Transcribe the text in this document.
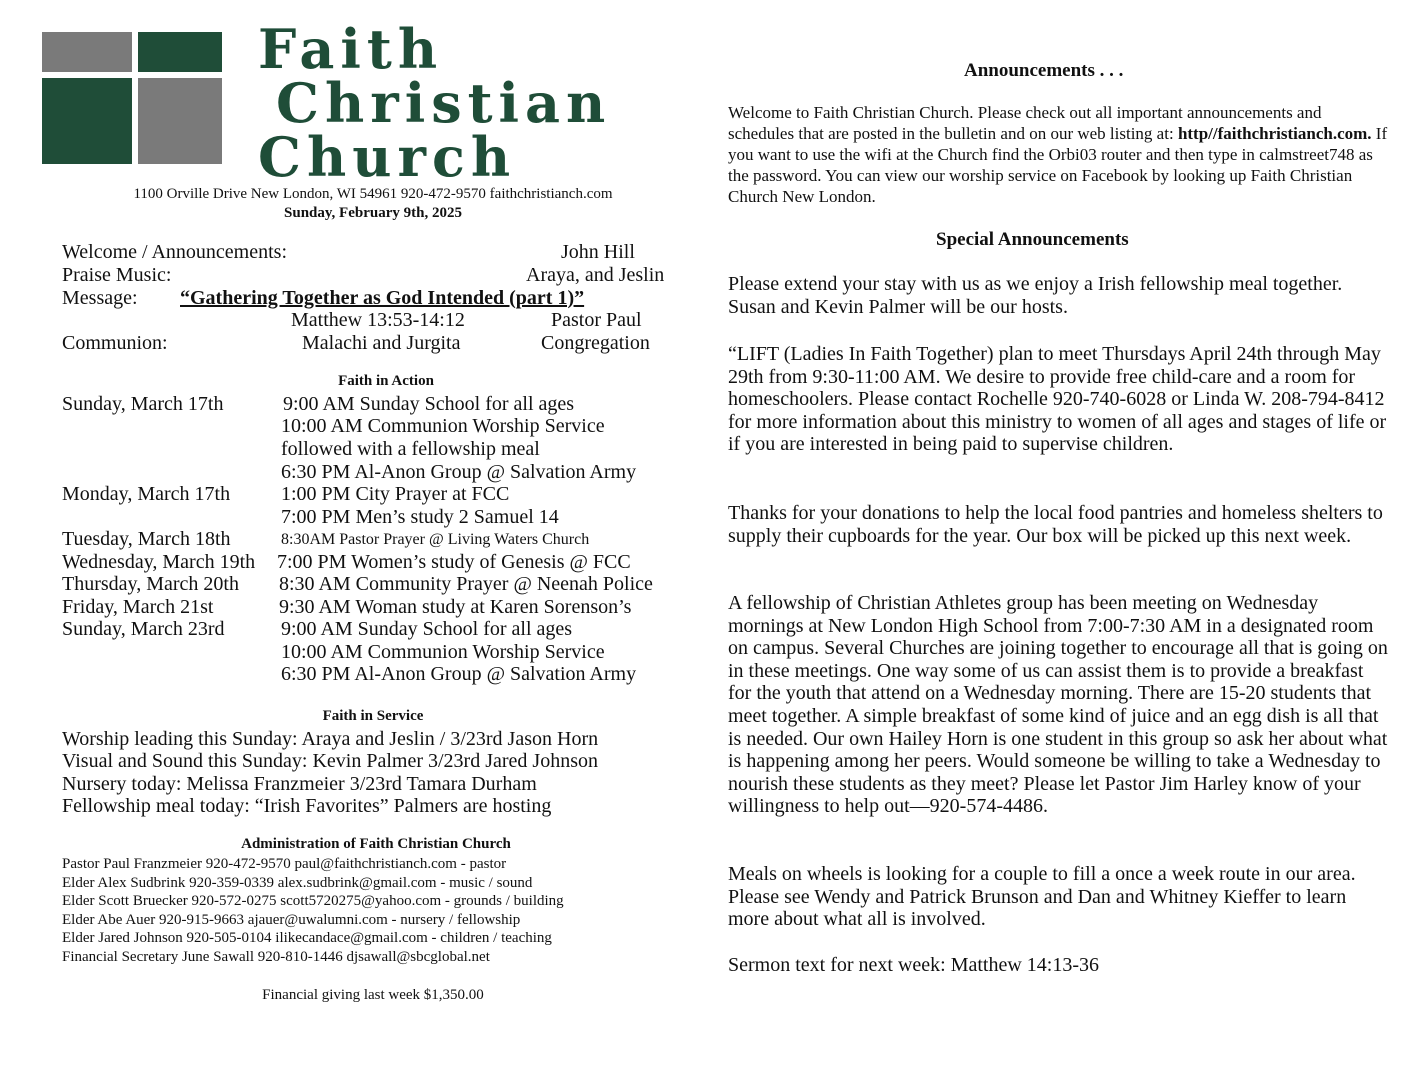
Faith
Christian
Church
1100 Orville Drive New London, WI 54961 920-472-9570 faithchristianch.com
Sunday, February 9th, 2025
Welcome / Announcements:	John Hill
Praise Music:	Araya, and Jeslin
Message: “Gathering Together as God Intended (part 1)”
Matthew 13:53-14:12	Pastor Paul
Communion:	Malachi and Jurgita	Congregation
Faith in Action
Sunday, March 17th	9:00 AM Sunday School for all ages
10:00 AM Communion Worship Service
followed with a fellowship meal
6:30 PM Al-Anon Group @ Salvation Army
Monday, March 17th	1:00 PM City Prayer at FCC
7:00 PM Men’s study 2 Samuel 14
Tuesday, March 18th	8:30AM Pastor Prayer @ Living Waters Church
Wednesday, March 19th 7:00 PM Women’s study of Genesis @ FCC
Thursday, March 20th 8:30 AM Community Prayer @ Neenah Police
Friday, March 21st	9:30 AM Woman study at Karen Sorenson’s
Sunday, March 23rd	9:00 AM Sunday School for all ages
10:00 AM Communion Worship Service
6:30 PM Al-Anon Group @ Salvation Army
Faith in Service
Worship leading this Sunday: Araya and Jeslin / 3/23rd Jason Horn
Visual and Sound this Sunday: Kevin Palmer 3/23rd Jared Johnson
Nursery today: Melissa Franzmeier 3/23rd Tamara Durham
Fellowship meal today: “Irish Favorites” Palmers are hosting
Administration of Faith Christian Church
Pastor Paul Franzmeier 920-472-9570 paul@faithchristianch.com - pastor
Elder Alex Sudbrink 920-359-0339 alex.sudbrink@gmail.com - music / sound
Elder Scott Bruecker 920-572-0275 scott5720275@yahoo.com - grounds / building
Elder Abe Auer 920-915-9663 ajauer@uwalumni.com - nursery / fellowship
Elder Jared Johnson 920-505-0104 ilikecandace@gmail.com - children / teaching
Financial Secretary June Sawall 920-810-1446 djsawall@sbcglobal.net
Financial giving last week $1,350.00
Announcements . . .
Welcome to Faith Christian Church. Please check out all important announcements and schedules that are posted in the bulletin and on our web listing at: http//faithchristianch.com. If you want to use the wifi at the Church find the Orbi03 router and then type in calmstreet748 as the password. You can view our worship service on Facebook by looking up Faith Christian Church New London.
Special Announcements

Please extend your stay with us as we enjoy a Irish fellowship meal together. Susan and Kevin Palmer will be our hosts.

“LIFT (Ladies In Faith Together) plan to meet Thursdays April 24th through May 29th from 9:30-11:00 AM. We desire to provide free child-care and a room for homeschoolers. Please contact Rochelle 920-740-6028 or Linda W. 208-794-8412 for more information about this ministry to women of all ages and stages of life or if you are interested in being paid to supervise children.

Thanks for your donations to help the local food pantries and homeless shelters to supply their cupboards for the year. Our box will be picked up this next week.

A fellowship of Christian Athletes group has been meeting on Wednesday mornings at New London High School from 7:00-7:30 AM in a designated room on campus. Several Churches are joining together to encourage all that is going on in these meetings. One way some of us can assist them is to provide a breakfast for the youth that attend on a Wednesday morning. There are 15-20 students that meet together. A simple breakfast of some kind of juice and an egg dish is all that is needed. Our own Hailey Horn is one student in this group so ask her about what is happening among her peers. Would someone be willing to take a Wednesday to nourish these students as they meet? Please let Pastor Jim Harley know of your willingness to help out—920-574-4486.

Meals on wheels is looking for a couple to fill a once a week route in our area. Please see Wendy and Patrick Brunson and Dan and Whitney Kieffer to learn more about what all is involved.

Sermon text for next week: Matthew 14:13-36
